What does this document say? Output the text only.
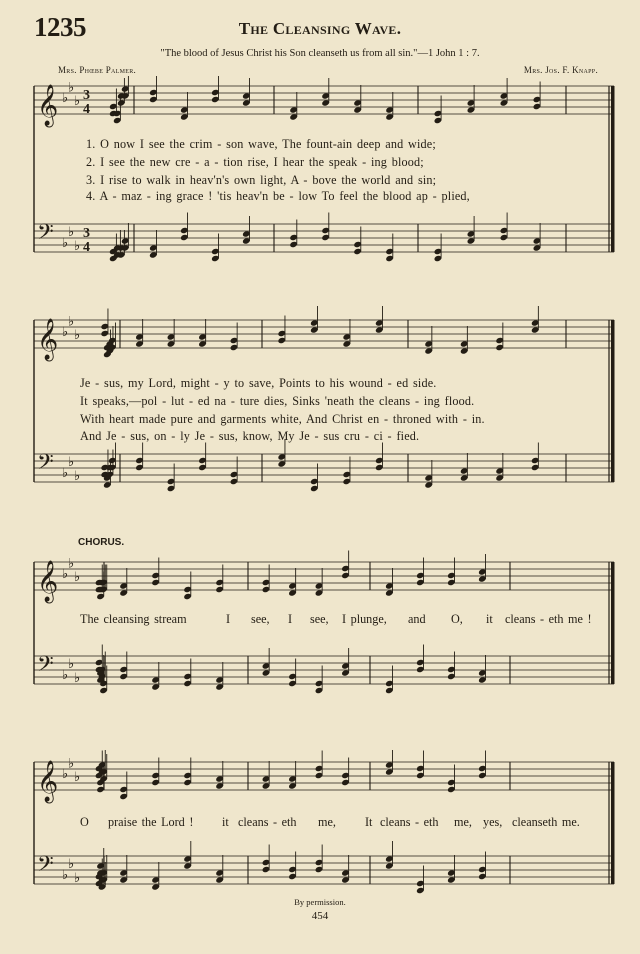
1235	The Cleansing Wave.
"The blood of Jesus Christ his Son cleanseth us from all sin."—1 John 1 : 7.
Mrs. Phœbe Palmer.	Mrs. Jos. F. Knapp.
𝄞 ♭
♭
♭ 3
4
𝄢 ♭
♭
♭
3
4
1. O now I see the crim - son wave, The fount-ain deep and wide;
2. I see the new cre - a - tion rise, I hear the speak - ing blood;
3. I rise to walk in heav'n's own light, A - bove the world and sin;
4. A - maz - ing grace ! 'tis heav'n be - low To feel the blood ap - plied,
𝄞 ♭
♭
♭
𝄢 ♭
♭
♭
Je - sus, my Lord, might - y to save, Points to his wound - ed side.
It speaks,—pol - lut - ed na - ture dies, Sinks 'neath the cleans - ing flood.
With heart made pure and garments white, And Christ en - throned with - in.
And Je - sus, on - ly Je - sus, know, My Je - sus cru - ci - fied.
CHORUS.
𝄞 ♭
♭
♭
𝄢 ♭
♭
♭
The cleansing stream	I see, I see, I plunge, and O, it cleans - eth me !
𝄞 ♭
♭
♭
𝄢 ♭
♭
♭
O praise the Lord ! it cleans - eth me, It cleans - eth me, yes, cleanseth me.
By permission.
454
